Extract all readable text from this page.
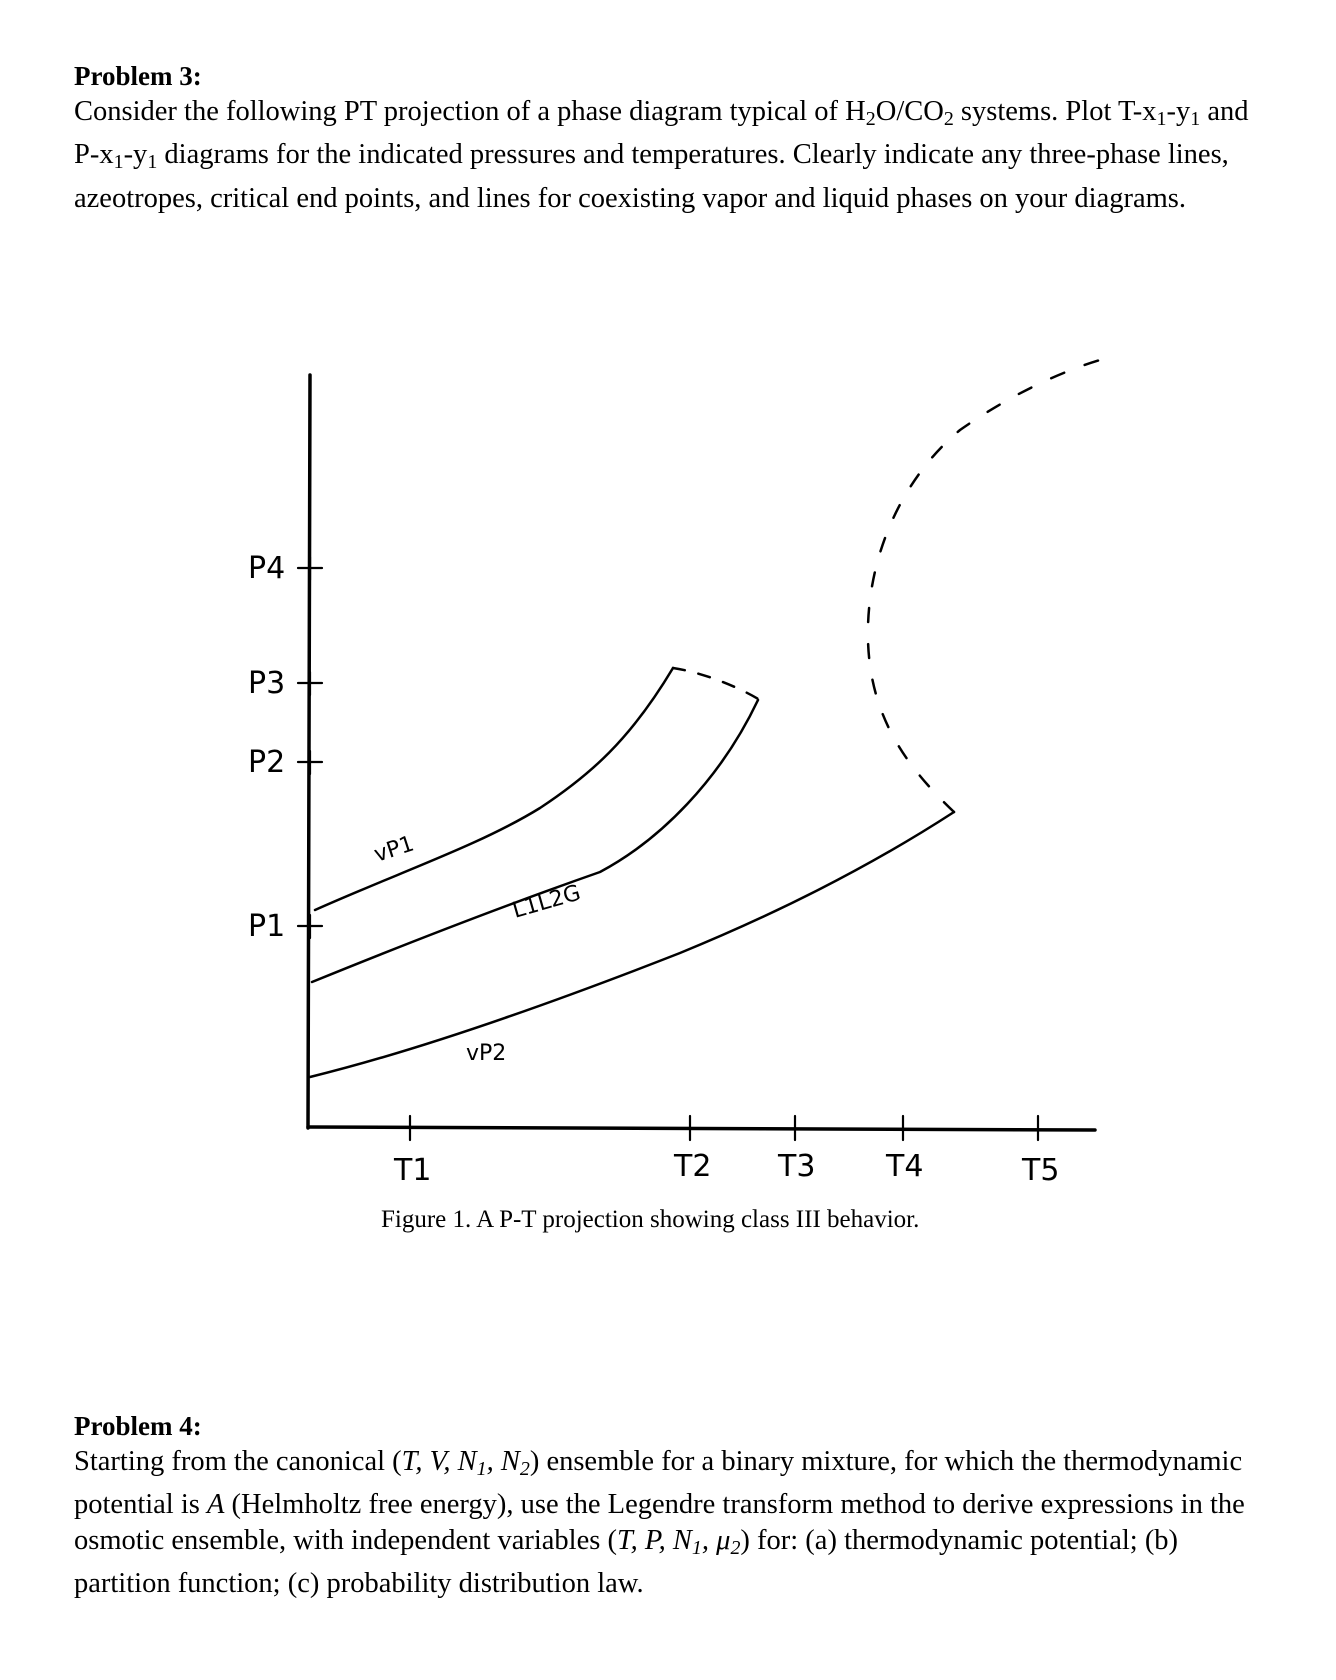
Problem 3:
Consider the following PT projection of a phase diagram typical of $H_2O/CO_2$ systems. Plot $T-x_1-y_1$ and $P-x_1-y_1$ diagrams for the indicated pressures and temperatures. Clearly indicate any three-phase lines, azeotropes, critical end points, and lines for coexisting vapor and liquid phases on your diagrams.
P4
P3
P2
P1
T1	T2 T3 T4	T5
vP1
L1L2G
vP2
Figure 1. A P-T projection showing class III behavior.
Problem 4:
Starting from the canonical (T, V, $N_1$, $N_2$) ensemble for a binary mixture, for which the thermodynamic potential is A (Helmholtz free energy), use the Legendre transform method to derive expressions in the osmotic ensemble, with independent variables (T, P, $N_1$, $\mu_2$) for: (a) thermodynamic potential; (b) partition function; (c) probability distribution law.
